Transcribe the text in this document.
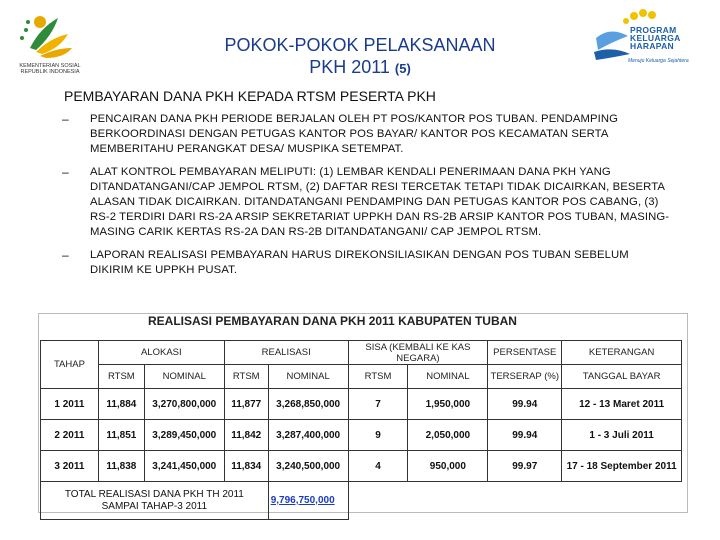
KEMENTERIAN SOSIAL REPUBLIK INDONESIA
PROGRAM
KELUARGA
HARAPAN
Menuju Keluarga Sejahtera
POKOK-POKOK PELAKSANAAN
PKH 2011 (5)
PEMBAYARAN DANA PKH KEPADA RTSM PESERTA PKH
–	PENCAIRAN DANA PKH PERIODE BERJALAN OLEH PT POS/KANTOR POS TUBAN. PENDAMPING BERKOORDINASI DENGAN PETUGAS KANTOR POS BAYAR/ KANTOR POS KECAMATAN SERTA MEMBERITAHU PERANGKAT DESA/ MUSPIKA SETEMPAT.
–	ALAT KONTROL PEMBAYARAN MELIPUTI: (1) LEMBAR KENDALI PENERIMAAN DANA PKH YANG DITANDATANGANI/CAP JEMPOL RTSM, (2) DAFTAR RESI TERCETAK TETAPI TIDAK DICAIRKAN, BESERTA ALASAN TIDAK DICAIRKAN. DITANDATANGANI PENDAMPING DAN PETUGAS KANTOR POS CABANG, (3) RS-2 TERDIRI DARI RS-2A ARSIP SEKRETARIAT UPPKH DAN RS-2B ARSIP KANTOR POS TUBAN, MASING-MASING CARIK KERTAS RS-2A DAN RS-2B DITANDATANGANI/ CAP JEMPOL RTSM.
–	LAPORAN REALISASI PEMBAYARAN HARUS DIREKONSILIASIKAN DENGAN POS TUBAN SEBELUM DIKIRIM KE UPPKH PUSAT.
REALISASI PEMBAYARAN DANA PKH 2011 KABUPATEN TUBAN
TAHAP	ALOKASI		REALISASI		SISA (KEMBALI KE KAS NEGARA)		PERSENTASE	KETERANGAN
	RTSM	NOMINAL	RTSM	NOMINAL	RTSM	NOMINAL	TERSERAP (%)	TANGGAL BAYAR
1 2011	11,884	3,270,800,000	11,877	3,268,850,000	7	1,950,000	99.94	12 - 13 Maret 2011
2 2011	11,851	3,289,450,000	11,842	3,287,400,000	9	2,050,000	99.94	1 - 3 Juli 2011
3 2011	11,838	3,241,450,000	11,834	3,240,500,000	4	950,000	99.97	17 - 18 September 2011

TOTAL REALISASI DANA PKH TH 2011
SAMPAI TAHAP-3 2011				9,796,750,000				
